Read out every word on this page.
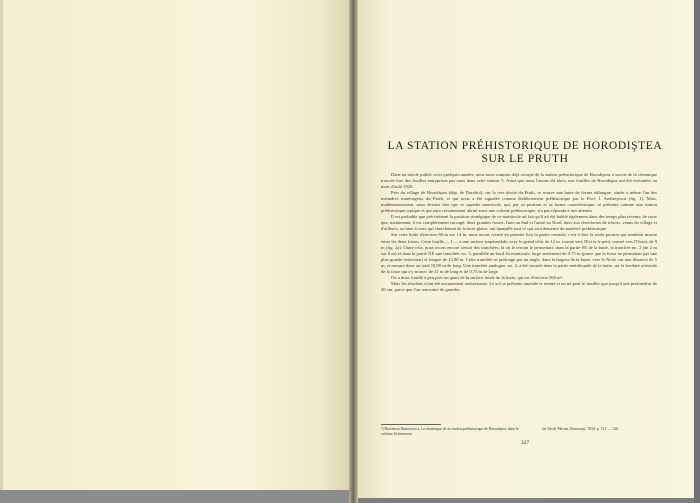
LA STATION PRÉHISTORIQUE DE HORODIŞTEA
SUR LE PRUTH

Dans un article publié voici quelques années, nous nous sommes déjà occupé de la station préhistorique de Horodiştea, à savoir de la céramique trouvée lors des fouilles entreprises par nous dans cette station ¹). Ainsi que nous l'avons dit alors, nos fouilles de Horodiştea ont été exécutées au mois d'août 1929.

Près du village de Horodiştea (dép. de Dorohoi), sur la rive droite du Pruth, se trouve une butte de forme oblongue, située à même l'un des méandres marécageux du Pruth, et qui nous a été signalée comme établissement préhistorique par le Prof. I. Andrieşescu (fig. 1). Mais, malheureusement, nous devons dire que ce superbe monticule, qui, par sa position et sa forme caractéristique, se présente comme une station préhistorique typique et qui aura certainement abrité aussi une colonie préhistorique, n'a pas répondu à nos attentes.

Il est probable que précisément la position stratégique de ce monticule ait fait qu'il ait été habité également dans des temps plus récents; de sorte que, maintenant, il est complètement saccagé: deux grandes fosses, l'une au Sud et l'autre au Nord, dues aux chercheurs de trésors, venus du village et d'ailleurs, ou bien à ceux qui cherchaient de la terre glaise, ont éparpillé tout ce qui sera demeuré du matériel préhistorique.

Sur cette butte d'environ 60 m sur 14 m, nous avons creusé en premier lieu la partie centrale, c'est à dire la seule portion qui semblait intacte entre les deux fosses. Cette fouille — I — a une surface trapézoïdale, avec le grand côté, de 12 m, tourné vers l'Est et le petit, tourné vers l'Ouest, de 9 m (fig. 2a). Outre cela, nous avons encore creusé des tranchées, là où le terrain le permettait: dans la partie SE de la butte, la tranchée no. 2 (de 2 m sur 6 m) et dans la partie NE une tranchée, no. 3, parallèle au bord du monticule, large seulement de 0,75 m (parce que la fosse ne permettait pas une plus grande extension) et longue de 13,90 m. Cette tranchée se prolonge par un angle, dans la largeur de la butte, vers le Nord, sur une distance de 5 m, et mesure donc au total 18,90 m de long. Une tranchée analogue, no. 4, a été creusée dans la partie méridionale de la butte, sur la bordure orientale de la fosse qui s'y trouve, de 21 m de long et de 0,75 m de large.

On a donc fouillé à peu près un quart de la surface totale de la butte, qui est d'environ 560 m².

Mais les résultats n'ont été aucunement satisfaisants. Le sol se présente amendé et remué et on ne peut le fouiller que jusqu'à une profondeur de 50 cm, parce que l'on rencontre de grandes

¹) Hortensia Dumitrescu, La céramique de la station préhistorique de Horodiştea, dans le volume In memoria
lui Vasile Pârvan, Bucureşti, 1934, p. 112 — 126.
327
